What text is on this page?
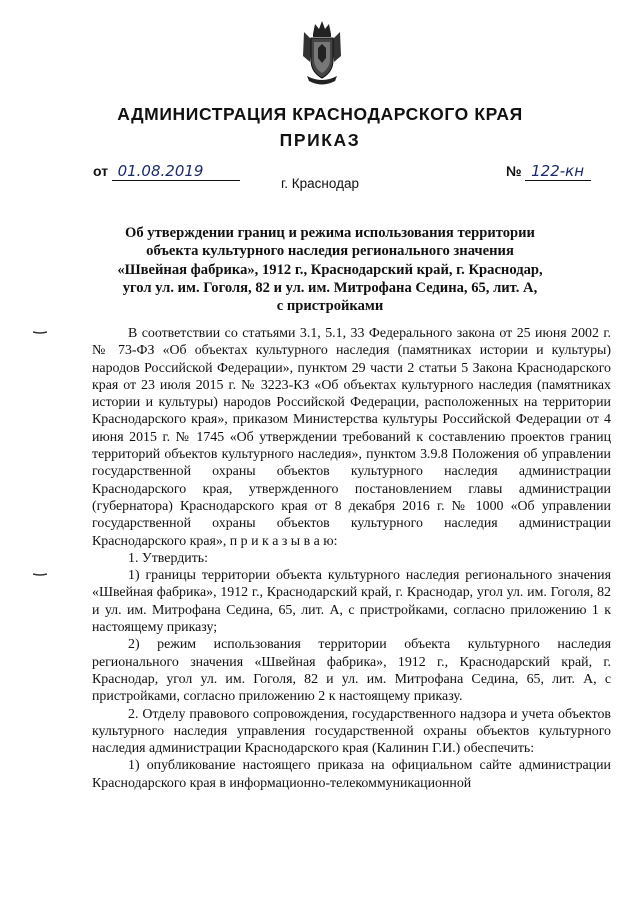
АДМИНИСТРАЦИЯ КРАСНОДАРСКОГО КРАЯ
ПРИКАЗ
от 01.08.2019	№ 122-кн
г. Краснодар
Об утверждении границ и режима использования территории
объекта культурного наследия регионального значения
«Швейная фабрика», 1912 г., Краснодарский край, г. Краснодар,
угол ул. им. Гоголя, 82 и ул. им. Митрофана Седина, 65, лит. А,
с пристройками

В соответствии со статьями 3.1, 5.1, 33 Федерального закона от 25 июня 2002 г. № 73-ФЗ «Об объектах культурного наследия (памятниках истории и культуры) народов Российской Федерации», пунктом 29 части 2 статьи 5 Закона Краснодарского края от 23 июля 2015 г. № 3223-КЗ «Об объектах культурного наследия (памятниках истории и культуры) народов Российской Федерации, расположенных на территории Краснодарского края», приказом Министерства культуры Российской Федерации от 4 июня 2015 г. № 1745 «Об утверждении требований к составлению проектов границ территорий объектов культурного наследия», пунктом 3.9.8 Положения об управлении государственной охраны объектов культурного наследия администрации Краснодарского края, утвержденного постановлением главы администрации (губернатора) Краснодарского края от 8 декабря 2016 г. № 1000 «Об управлении государственной охраны объектов культурного наследия администрации Краснодарского края», п р и к а з ы в а ю:

1. Утвердить:

1) границы территории объекта культурного наследия регионального значения «Швейная фабрика», 1912 г., Краснодарский край, г. Краснодар, угол ул. им. Гоголя, 82 и ул. им. Митрофана Седина, 65, лит. А, с пристройками, согласно приложению 1 к настоящему приказу;

2) режим использования территории объекта культурного наследия регионального значения «Швейная фабрика», 1912 г., Краснодарский край, г. Краснодар, угол ул. им. Гоголя, 82 и ул. им. Митрофана Седина, 65, лит. А, с пристройками, согласно приложению 2 к настоящему приказу.

2. Отделу правового сопровождения, государственного надзора и учета объектов культурного наследия управления государственной охраны объектов культурного наследия администрации Краснодарского края (Калинин Г.И.) обеспечить:

1) опубликование настоящего приказа на официальном сайте администрации Краснодарского края в информационно-телекоммуникационной
